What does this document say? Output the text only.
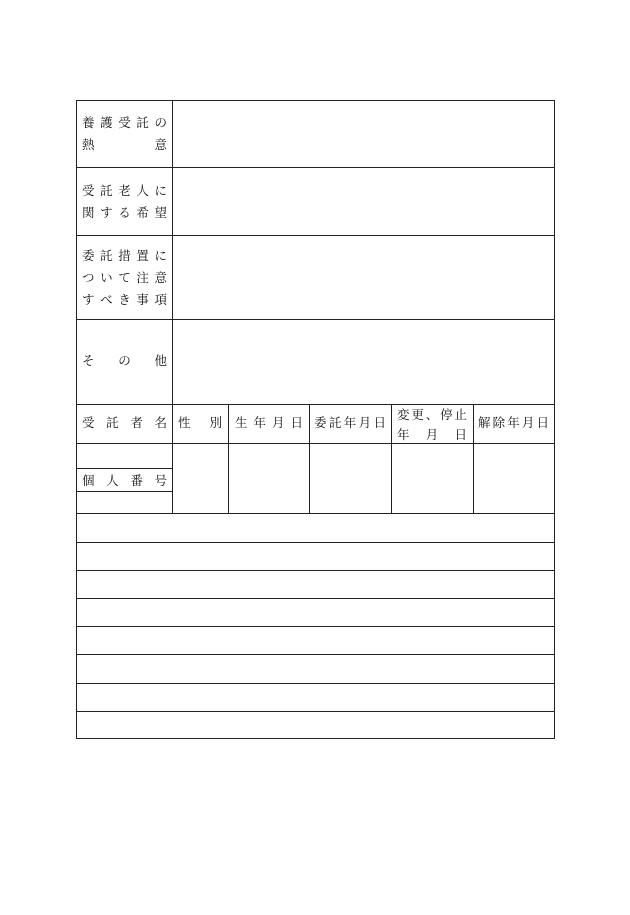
養 護 受 託 の
熱	意
受 託 老 人 に
関 す る 希 望
委 託 措 置 に
つ い て 注 意
す べ き 事 項
そ の 他
受 託 者 名 性 別 生 年 月 日 委託年月日
変更、停止
年 月 日
解除年月日
個 人 番 号
